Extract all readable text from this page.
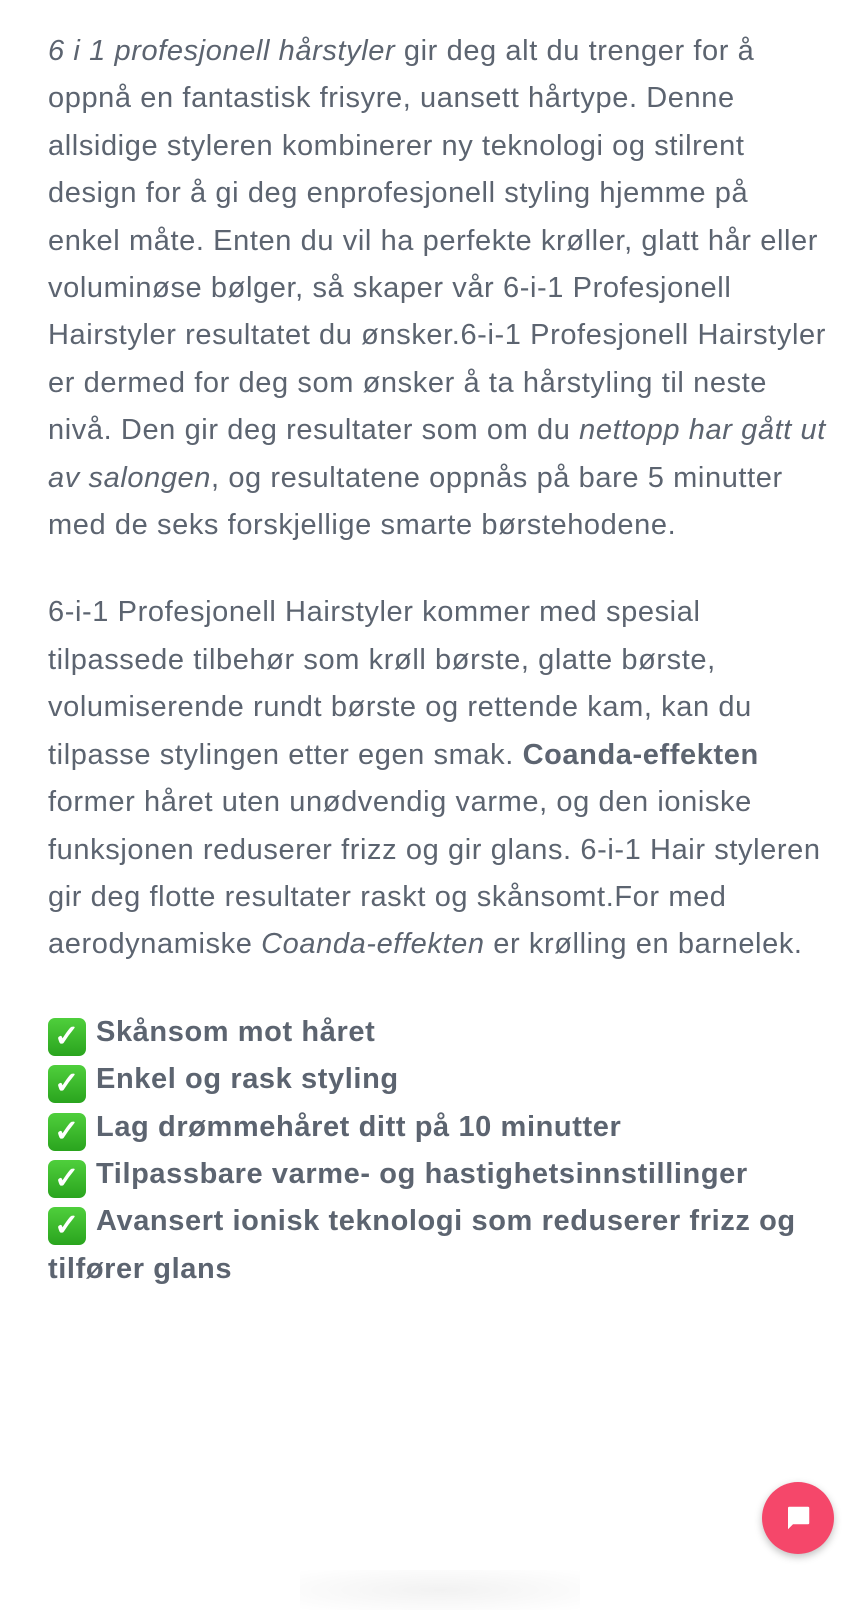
6 i 1 profesjonell hårstyler gir deg alt du trenger for å oppnå en fantastisk frisyre, uansett hårtype. Denne allsidige styleren kombinerer ny teknologi og stilrent design for å gi deg enprofesjonell styling hjemme på enkel måte. Enten du vil ha perfekte krøller, glatt hår eller voluminøse bølger, så skaper vår 6-i-1 Profesjonell Hairstyler resultatet du ønsker.6-i-1 Profesjonell Hairstyler er dermed for deg som ønsker å ta hårstyling til neste nivå. Den gir deg resultater som om du nettopp har gått ut av salongen, og resultatene oppnås på bare 5 minutter med de seks forskjellige smarte børstehodene.

6-i-1 Profesjonell Hairstyler kommer med spesial tilpassede tilbehør som krøll børste, glatte børste, volumiserende rundt børste og rettende kam, kan du tilpasse stylingen etter egen smak. Coanda-effekten former håret uten unødvendig varme, og den ioniske funksjonen reduserer frizz og gir glans. 6-i-1 Hair styleren gir deg flotte resultater raskt og skånsomt.For med aerodynamiske Coanda-effekten er krølling en barnelek.

✓ Skånsom mot håret
✓ Enkel og rask styling
✓ Lag drømmehåret ditt på 10 minutter
✓ Tilpassbare varme- og hastighetsinnstillinger
✓ Avansert ionisk teknologi som reduserer frizz og tilfører glans
